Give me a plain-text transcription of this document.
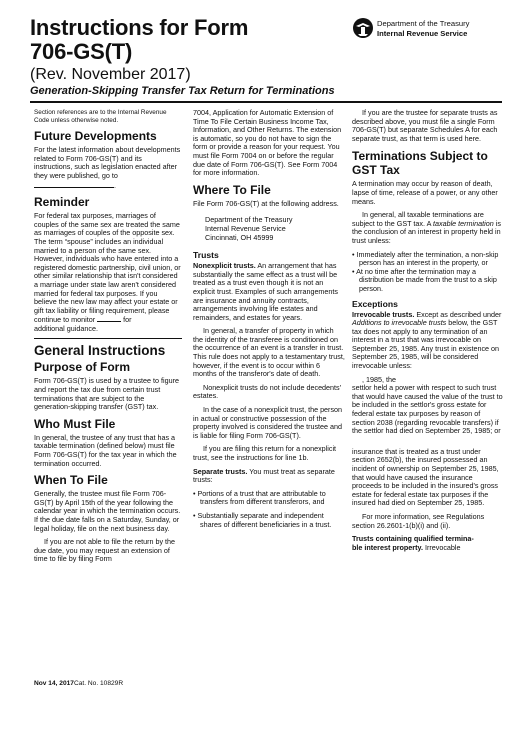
Instructions for Form
706-GS(T)
(Rev. November 2017)
Generation-Skipping Transfer Tax Return for Terminations
Department of the Treasury
Internal Revenue Service

Section references are to the Internal Revenue Code unless otherwise noted.

Future Developments

For the latest information about developments related to Form 706-GS(T) and its instructions, such as legislation enacted after they were published, go to .

Reminder

For federal tax purposes, marriages of couples of the same sex are treated the same as marriages of couples of the opposite sex. The term “spouse” includes an individual married to a person of the same sex. However, individuals who have entered into a registered domestic partnership, civil union, or other similar relationship that isn't considered a marriage under state law aren't considered married for federal tax purposes. If you believe the new law may affect your estate or gift tax liability or filing requirement, please continue to monitor	for
additional guidance.

General Instructions
Purpose of Form

Form 706-GS(T) is used by a trustee to figure and report the tax due from certain trust terminations that are subject to the generation-skipping transfer (GST) tax.

Who Must File

In general, the trustee of any trust that has a taxable termination (defined below) must file Form 706-GS(T) for the tax year in which the termination occurred.

When To File

Generally, the trustee must file Form 706-GS(T) by April 15th of the year following the calendar year in which the termination occurs. If the due date falls on a Saturday, Sunday, or legal holiday, file on the next business day.

If you are not able to file the return by the due date, you may request an extension of time to file by filing Form

7004, Application for Automatic Extension of Time To File Certain Business Income Tax, Information, and Other Returns. The extension is automatic, so you do not have to sign the form or provide a reason for your request. You must file Form 7004 on or before the regular due date of Form 706-GS(T). See Form 7004 for more information.

Where To File

File Form 706-GS(T) at the following address.

Department of the Treasury
Internal Revenue Service
Cincinnati, OH 45999

Trusts

Nonexplicit trusts. An arrangement that has substantially the same effect as a trust will be treated as a trust even though it is not an explicit trust. Examples of such arrangements are insurance and annuity contracts, arrangements involving life estates and remainders, and estates for years.

In general, a transfer of property in which the identity of the transferee is conditioned on the occurrence of an event is a transfer in trust. This rule does not apply to a testamentary trust, however, if the event is to occur within 6 months of the transferor's date of death.

Nonexplicit trusts do not include decedents' estates.

In the case of a nonexplicit trust, the person in actual or constructive possession of the property involved is considered the trustee and is liable for filing Form 706-GS(T).

If you are filing this return for a nonexplicit trust, see the instructions for line 1b.

Separate trusts. You must treat as separate trusts:

• Portions of a trust that are attributable to transfers from different transferors, and

• Substantially separate and independent shares of different beneficiaries in a trust.

If you are the trustee for separate trusts as described above, you must file a single Form 706-GS(T) but separate Schedules A for each separate trust, as that term is used here.

Terminations Subject to
GST Tax

A termination may occur by reason of death, lapse of time, release of a power, or any other means.

In general, all taxable terminations are subject to the GST tax. A taxable termination is the conclusion of an interest in property held in trust unless:

• Immediately after the termination, a non-skip person has an interest in the property, or

• At no time after the termination may a distribution be made from the trust to a skip person.

Exceptions

Irrevocable trusts. Except as described under Additions to irrevocable trusts below, the GST tax does not apply to any termination of an interest in a trust that was irrevocable on September 25, 1985. Any trust in existence on September 25, 1985, will be considered irrevocable unless:

, 1985, the

settlor held a power with respect to such trust that would have caused the value of the trust to be included in the settlor's gross estate for federal estate tax purposes by reason of section 2038 (regarding revocable transfers) if the settlor had died on September 25, 1985; or

insurance that is treated as a trust under section 2652(b), the insured possessed an incident of ownership on September 25, 1985, that would have caused the insurance proceeds to be included in the insured's gross estate for federal estate tax purposes if the insured had died on September 25, 1985.

For more information, see Regulations section 26.2601-1(b)(i) and (ii).

Trusts containing qualified termina-
ble interest property. Irrevocable

Nov 14, 2017Cat. No. 10829R
